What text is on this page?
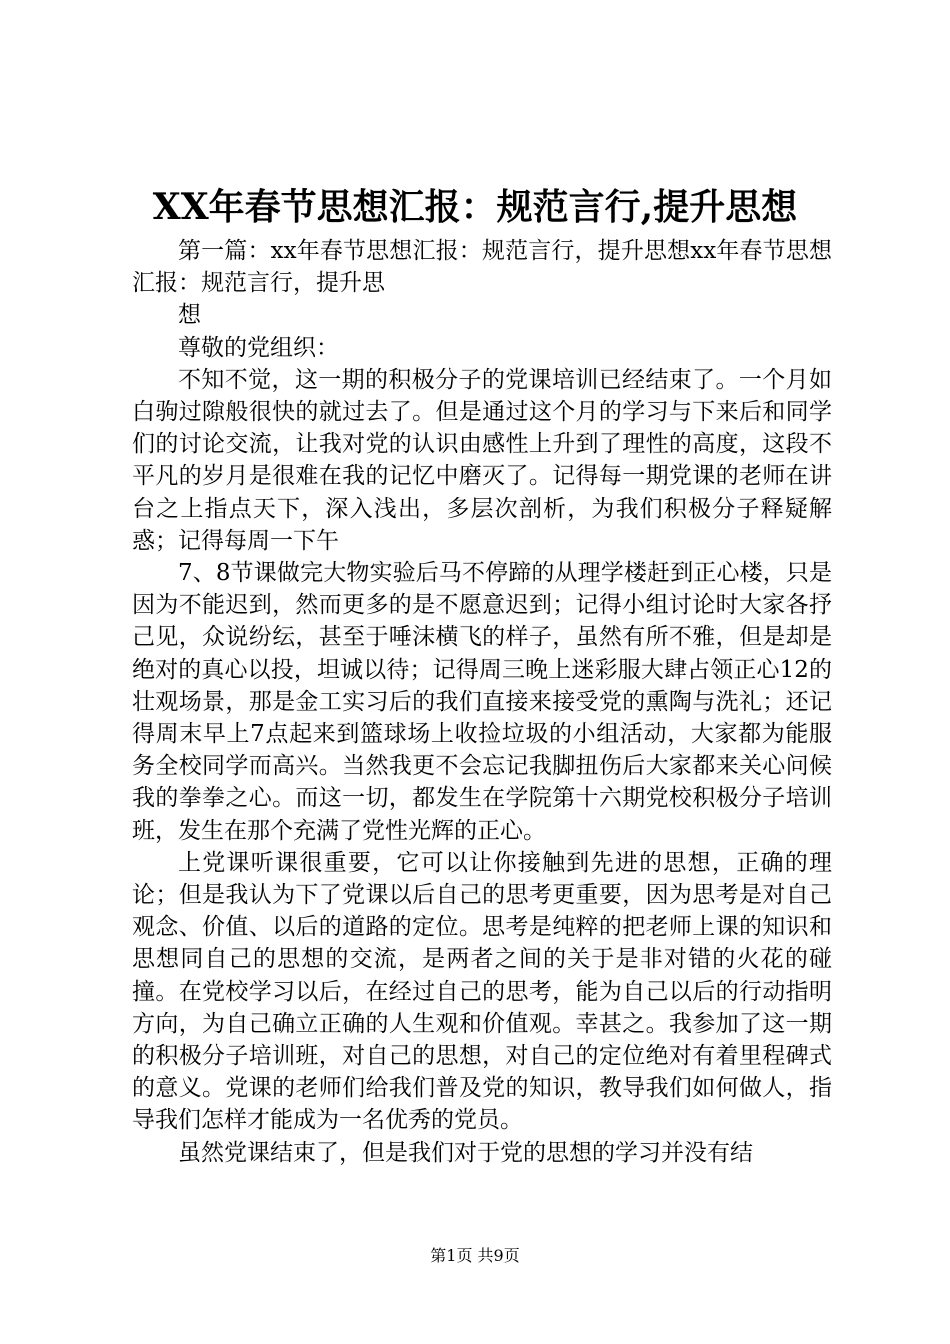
XX年春节思想汇报：规范言行,提升思想

第一篇：xx年春节思想汇报：规范言行，提升思想xx年春节思想汇报：规范言行，提升思

想

尊敬的党组织：

不知不觉，这一期的积极分子的党课培训已经结束了。一个月如白驹过隙般很快的就过去了。但是通过这个月的学习与下来后和同学们的讨论交流，让我对党的认识由感性上升到了理性的高度，这段不平凡的岁月是很难在我的记忆中磨灭了。记得每一期党课的老师在讲台之上指点天下，深入浅出，多层次剖析，为我们积极分子释疑解惑；记得每周一下午

7、8节课做完大物实验后马不停蹄的从理学楼赶到正心楼，只是因为不能迟到，然而更多的是不愿意迟到；记得小组讨论时大家各抒己见，众说纷纭，甚至于唾沫横飞的样子，虽然有所不雅，但是却是绝对的真心以投，坦诚以待；记得周三晚上迷彩服大肆占领正心12的壮观场景，那是金工实习后的我们直接来接受党的熏陶与洗礼；还记得周末早上7点起来到篮球场上收捡垃圾的小组活动，大家都为能服务全校同学而高兴。当然我更不会忘记我脚扭伤后大家都来关心问候我的拳拳之心。而这一切，都发生在学院第十六期党校积极分子培训班，发生在那个充满了党性光辉的正心。

上党课听课很重要，它可以让你接触到先进的思想，正确的理论；但是我认为下了党课以后自己的思考更重要，因为思考是对自己观念、价值、以后的道路的定位。思考是纯粹的把老师上课的知识和思想同自己的思想的交流，是两者之间的关于是非对错的火花的碰撞。在党校学习以后，在经过自己的思考，能为自己以后的行动指明方向，为自己确立正确的人生观和价值观。幸甚之。我参加了这一期的积极分子培训班，对自己的思想，对自己的定位绝对有着里程碑式的意义。党课的老师们给我们普及党的知识，教导我们如何做人，指导我们怎样才能成为一名优秀的党员。

虽然党课结束了，但是我们对于党的思想的学习并没有结

第1页 共9页
